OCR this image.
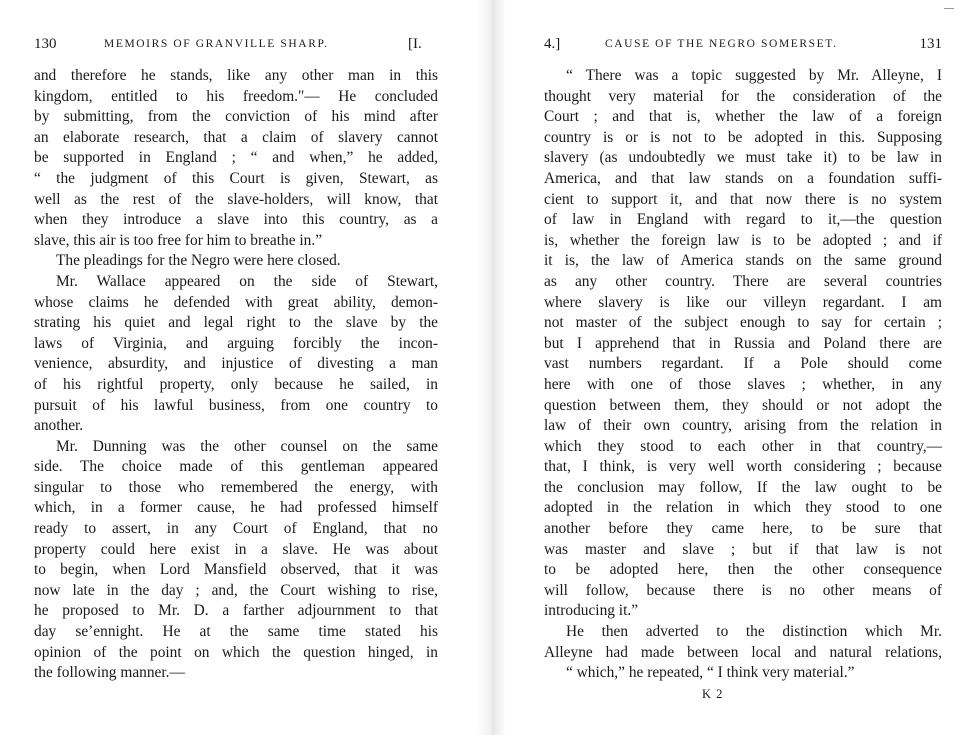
130	MEMOIRS OF GRANVILLE SHARP.	[I.
and therefore he stands, like any other man in this
kingdom, entitled to his freedom."— He concluded
by submitting, from the conviction of his mind after
an elaborate research, that a claim of slavery cannot
be supported in England ; “ and when,” he added,
“ the judgment of this Court is given, Stewart, as
well as the rest of the slave-holders, will know, that
when they introduce a slave into this country, as a
slave, this air is too free for him to breathe in.”
The pleadings for the Negro were here closed.
Mr. Wallace appeared on the side of Stewart,
whose claims he defended with great ability, demon-
strating his quiet and legal right to the slave by the
laws of Virginia, and arguing forcibly the incon-
venience, absurdity, and injustice of divesting a man
of his rightful property, only because he sailed, in
pursuit of his lawful business, from one country to
another.
Mr. Dunning was the other counsel on the same
side. The choice made of this gentleman appeared
singular to those who remembered the energy, with
which, in a former cause, he had professed himself
ready to assert, in any Court of England, that no
property could here exist in a slave. He was about
to begin, when Lord Mansfield observed, that it was
now late in the day ; and, the Court wishing to rise,
he proposed to Mr. D. a farther adjournment to that
day se’ennight. He at the same time stated his
opinion of the point on which the question hinged, in
the following manner.—
4.]	CAUSE OF THE NEGRO SOMERSET.	131
“ There was a topic suggested by Mr. Alleyne, I
thought very material for the consideration of the
Court ; and that is, whether the law of a foreign
country is or is not to be adopted in this. Supposing
slavery (as undoubtedly we must take it) to be law in
America, and that law stands on a foundation suffi-
cient to support it, and that now there is no system
of law in England with regard to it,—the question
is, whether the foreign law is to be adopted ; and if
it is, the law of America stands on the same ground
as any other country. There are several countries
where slavery is like our villeyn regardant. I am
not master of the subject enough to say for certain ;
but I apprehend that in Russia and Poland there are
vast numbers regardant. If a Pole should come
here with one of those slaves ; whether, in any
question between them, they should or not adopt the
law of their own country, arising from the relation in
which they stood to each other in that country,—
that, I think, is very well worth considering ; because
the conclusion may follow, If the law ought to be
adopted in the relation in which they stood to one
another before they came here, to be sure that
was master and slave ; but if that law is not
to be adopted here, then the other consequence
will follow, because there is no other means of
introducing it.”
He then adverted to the distinction which Mr.
Alleyne had made between local and natural relations,
“ which,” he repeated, “ I think very material.”
K 2
